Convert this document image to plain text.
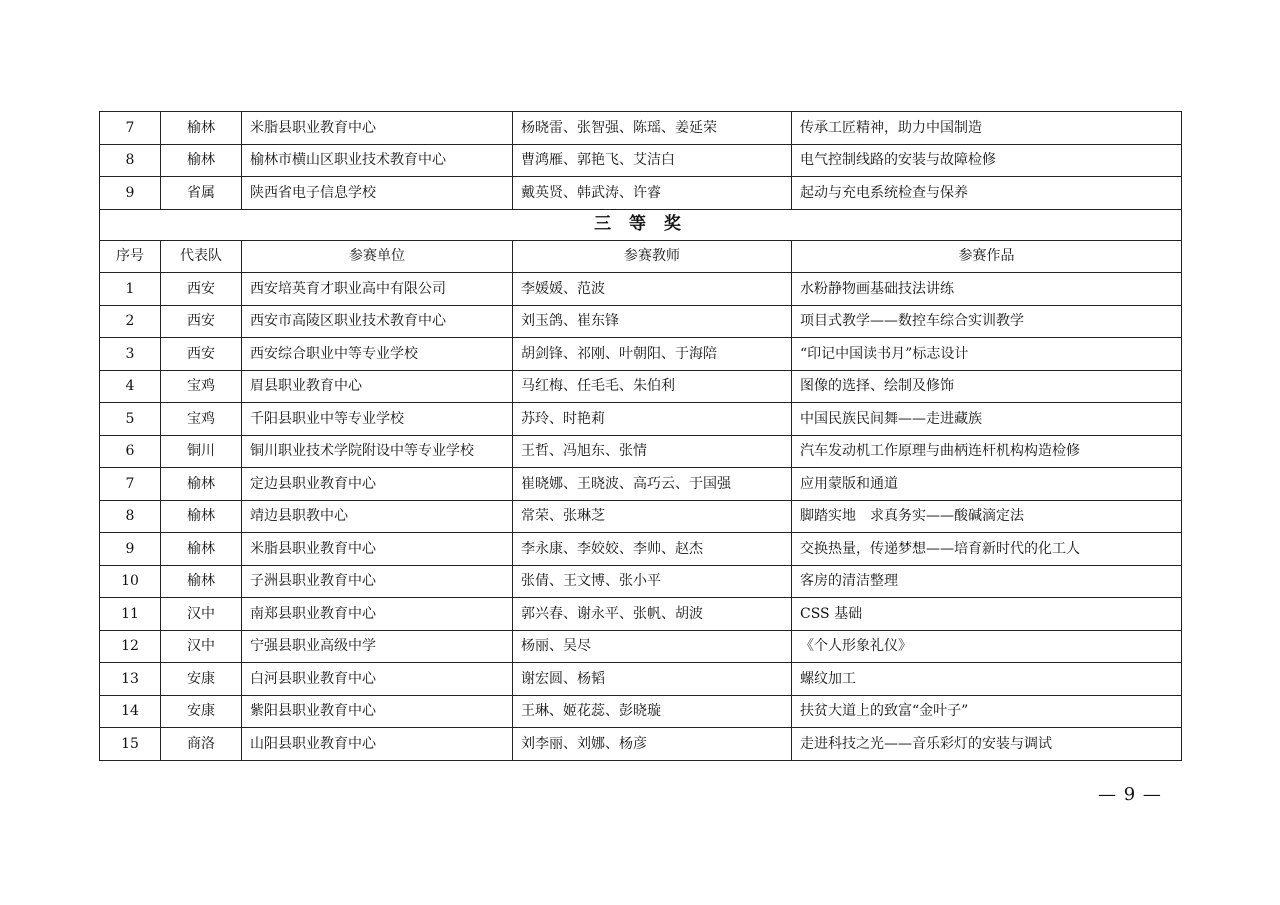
7	榆林	米脂县职业教育中心	杨晓雷、张智强、陈瑶、姜延荣	传承工匠精神，助力中国制造
8	榆林	榆林市横山区职业技术教育中心	曹鸿雁、郭艳飞、艾洁白	电气控制线路的安装与故障检修
9	省属	陕西省电子信息学校	戴英贤、韩武涛、许睿	起动与充电系统检查与保养
三 等 奖				
序号	代表队	参赛单位	参赛教师	参赛作品
1	西安	西安培英育才职业高中有限公司	李媛媛、范波	水粉静物画基础技法讲练
2	西安	西安市高陵区职业技术教育中心	刘玉鸽、崔东锋	项目式教学——数控车综合实训教学
3	西安	西安综合职业中等专业学校	胡剑锋、祁刚、叶朝阳、于海陪	“印记中国读书月”标志设计
4	宝鸡	眉县职业教育中心	马红梅、任毛毛、朱伯利	图像的选择、绘制及修饰
5	宝鸡	千阳县职业中等专业学校	苏玲、时艳莉	中国民族民间舞——走进藏族
6	铜川	铜川职业技术学院附设中等专业学校	王哲、冯旭东、张情	汽车发动机工作原理与曲柄连杆机构构造检修
7	榆林	定边县职业教育中心	崔晓娜、王晓波、高巧云、于国强	应用蒙版和通道
8	榆林	靖边县职教中心	常荣、张琳芝	脚踏实地　求真务实——酸碱滴定法
9	榆林	米脂县职业教育中心	李永康、李姣姣、李帅、赵杰	交换热量，传递梦想——培育新时代的化工人
10	榆林	子洲县职业教育中心	张倩、王文博、张小平	客房的清洁整理
11	汉中	南郑县职业教育中心	郭兴春、谢永平、张帆、胡波	CSS 基础
12	汉中	宁强县职业高级中学	杨丽、吴尽	《个人形象礼仪》
13	安康	白河县职业教育中心	谢宏圆、杨韬	螺纹加工
14	安康	紫阳县职业教育中心	王琳、姬花蕊、彭晓璇	扶贫大道上的致富“金叶子”
15	商洛	山阳县职业教育中心	刘李丽、刘娜、杨彦	走进科技之光——音乐彩灯的安装与调试
— 9 —
